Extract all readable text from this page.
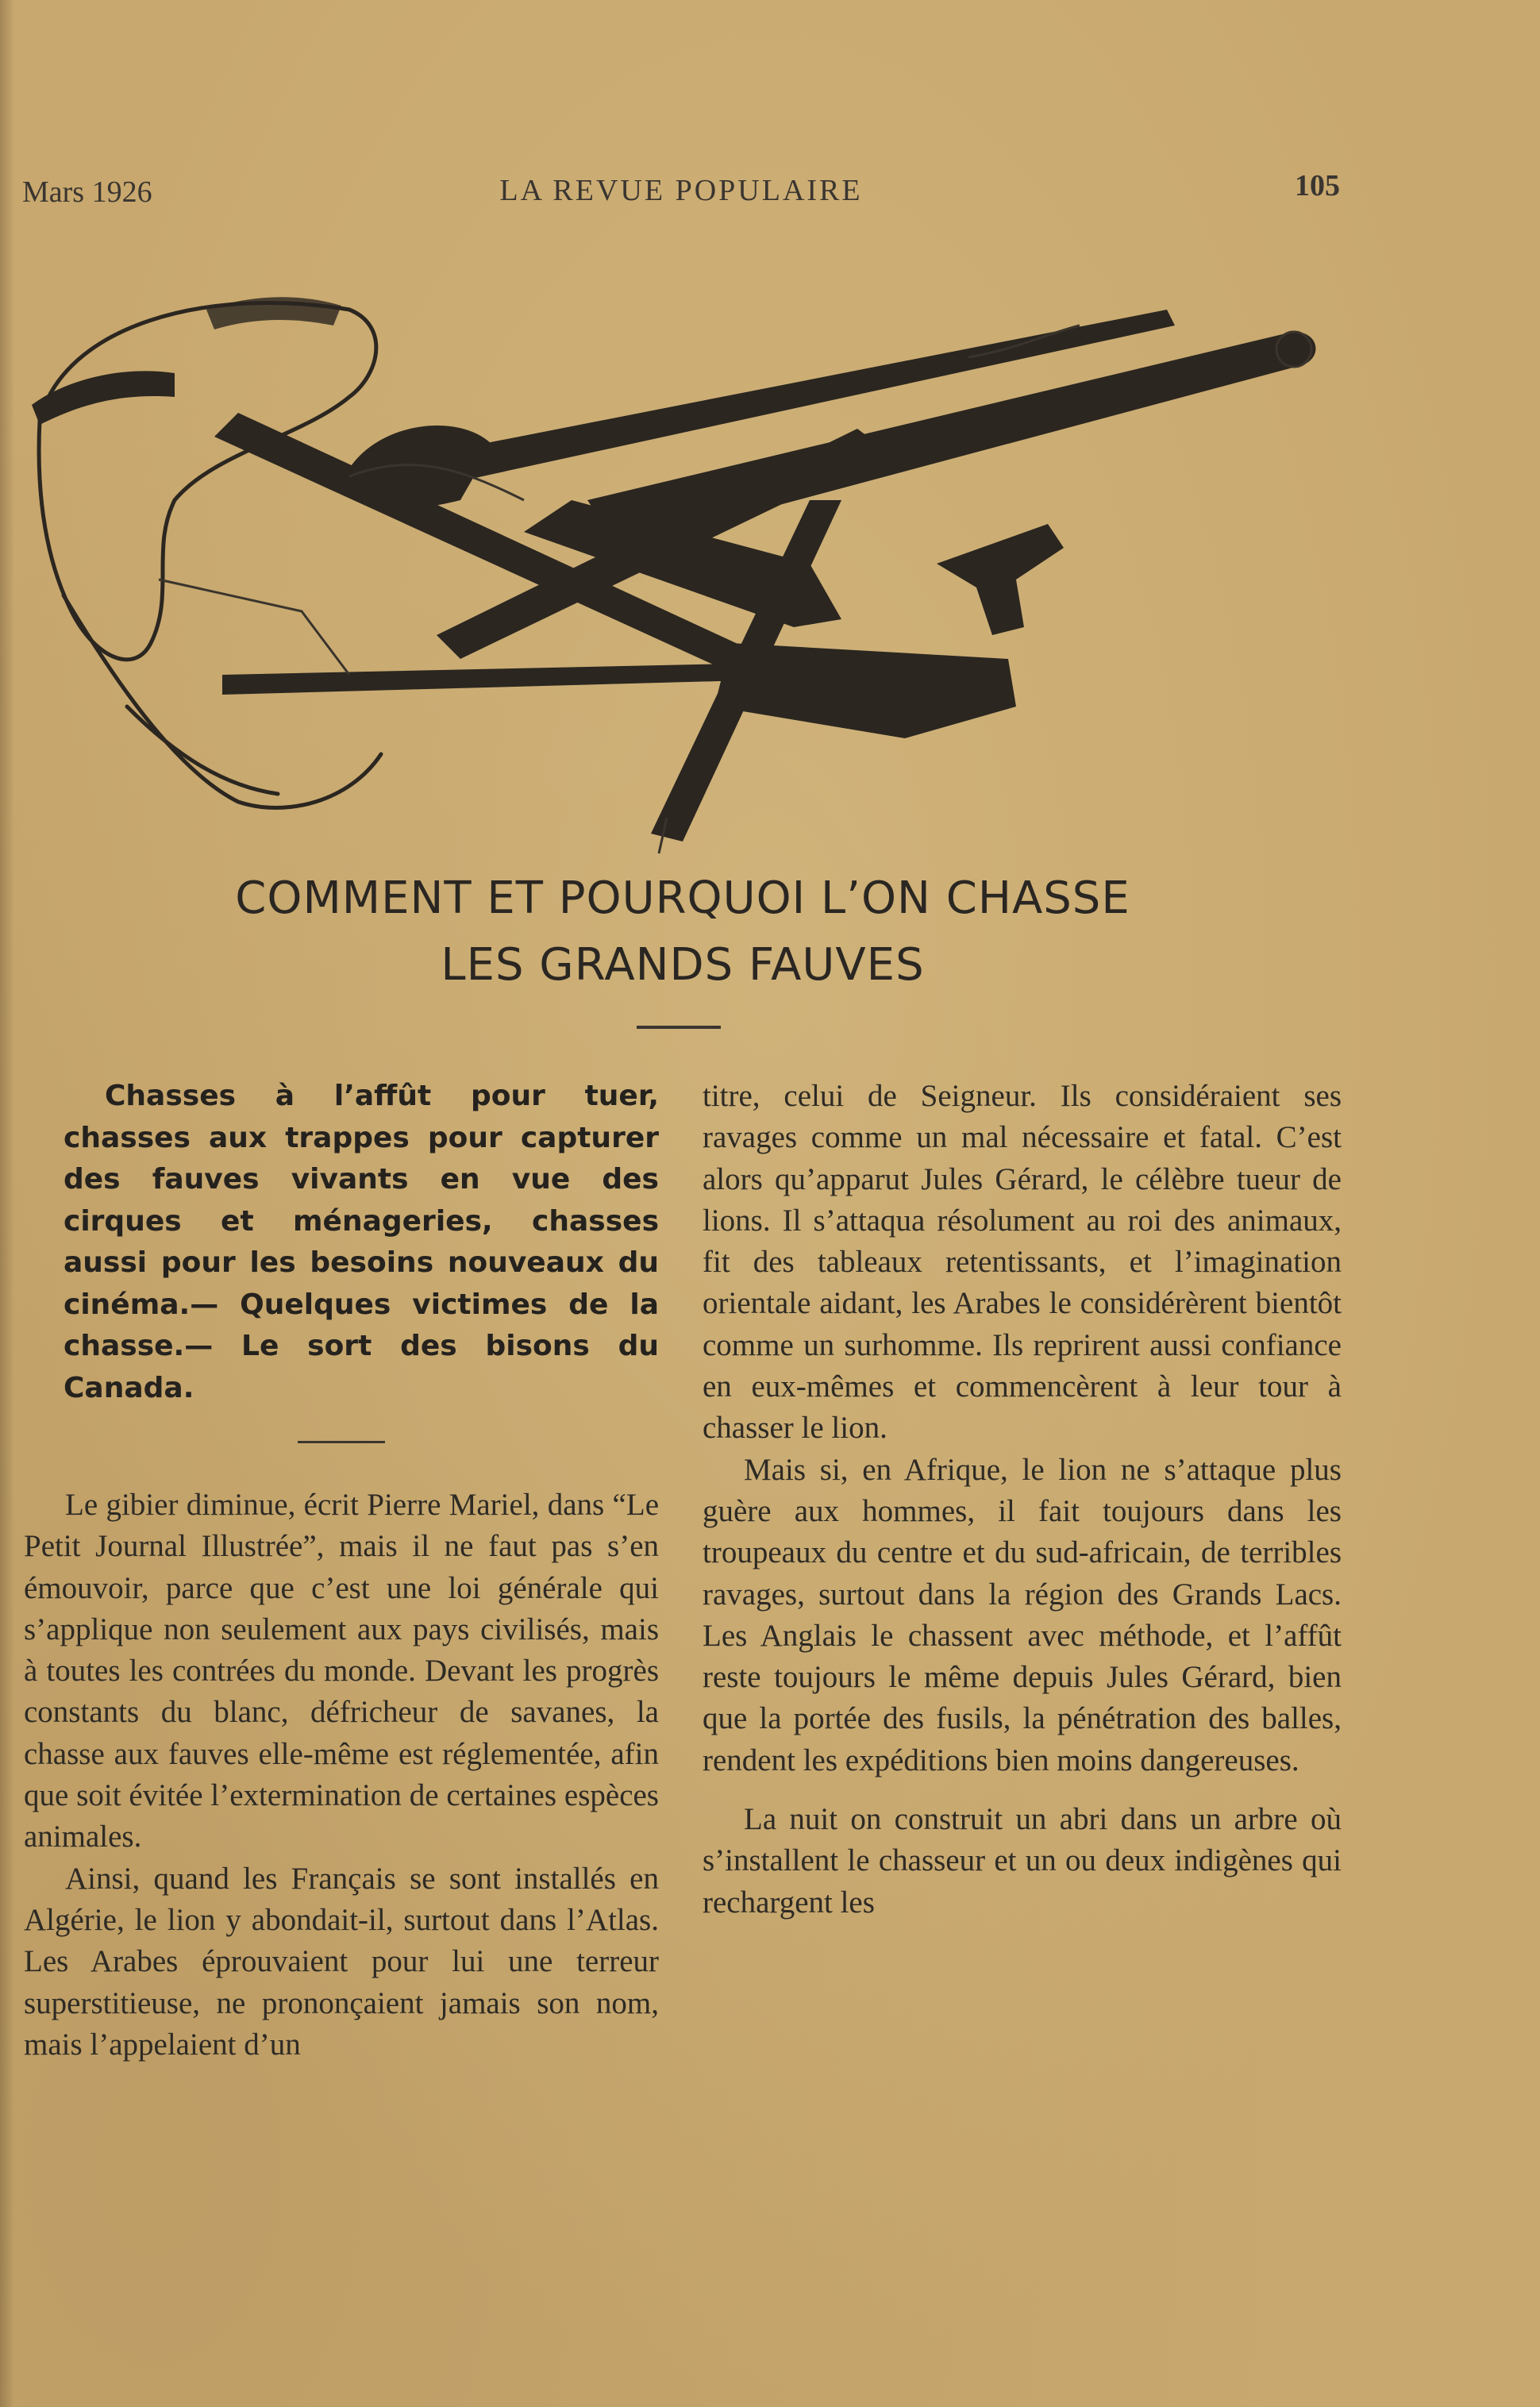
Mars 1926	LA REVUE POPULAIRE	105
COMMENT ET POURQUOI L’ON CHASSE
LES GRANDS FAUVES

Chasses à l’affût pour tuer, chasses aux trappes pour capturer des fauves vivants en vue des cirques et ménageries, chasses aussi pour les besoins nouveaux du cinéma.— Quelques victimes de la chasse.— Le sort des bisons du Canada.

Le gibier diminue, écrit Pierre Mariel, dans “Le Petit Journal Illustrée”, mais il ne faut pas s’en émouvoir, parce que c’est une loi générale qui s’applique non seulement aux pays civilisés, mais à toutes les contrées du monde. Devant les progrès constants du blanc, défricheur de savanes, la chasse aux fauves elle-même est réglementée, afin que soit évitée l’extermination de certaines espèces animales.

Ainsi, quand les Français se sont installés en Algérie, le lion y abondait-il, surtout dans l’Atlas. Les Arabes éprouvaient pour lui une terreur superstitieuse, ne prononçaient jamais son nom, mais l’appelaient d’un

titre, celui de Seigneur. Ils considéraient ses ravages comme un mal nécessaire et fatal. C’est alors qu’apparut Jules Gérard, le célèbre tueur de lions. Il s’attaqua résolument au roi des animaux, fit des tableaux retentissants, et l’imagination orientale aidant, les Arabes le considérèrent bientôt comme un surhomme. Ils reprirent aussi confiance en eux-mêmes et commencèrent à leur tour à chasser le lion.

Mais si, en Afrique, le lion ne s’attaque plus guère aux hommes, il fait toujours dans les troupeaux du centre et du sud-africain, de terribles ravages, surtout dans la région des Grands Lacs. Les Anglais le chassent avec méthode, et l’affût reste toujours le même depuis Jules Gérard, bien que la portée des fusils, la pénétration des balles, rendent les expéditions bien moins dangereuses.

La nuit on construit un abri dans un arbre où s’installent le chasseur et un ou deux indigènes qui rechargent les
